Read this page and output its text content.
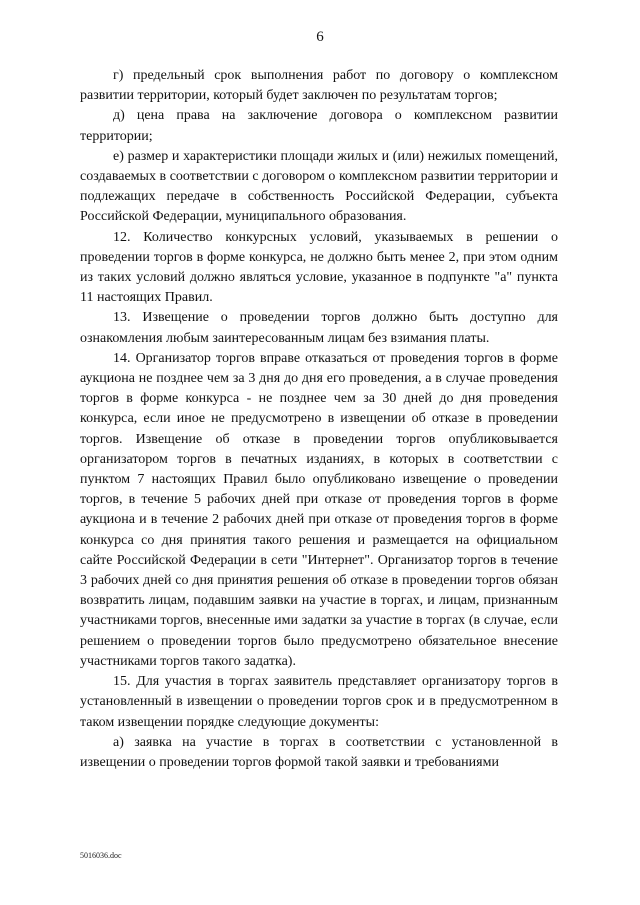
6

г) предельный срок выполнения работ по договору о комплексном развитии территории, который будет заключен по результатам торгов;

д) цена права на заключение договора о комплексном развитии территории;

е) размер и характеристики площади жилых и (или) нежилых помещений, создаваемых в соответствии с договором о комплексном развитии территории и подлежащих передаче в собственность Российской Федерации, субъекта Российской Федерации, муниципального образования.

12. Количество конкурсных условий, указываемых в решении о проведении торгов в форме конкурса, не должно быть менее 2, при этом одним из таких условий должно являться условие, указанное в подпункте "а" пункта 11 настоящих Правил.

13. Извещение о проведении торгов должно быть доступно для ознакомления любым заинтересованным лицам без взимания платы.

14. Организатор торгов вправе отказаться от проведения торгов в форме аукциона не позднее чем за 3 дня до дня его проведения, а в случае проведения торгов в форме конкурса - не позднее чем за 30 дней до дня проведения конкурса, если иное не предусмотрено в извещении об отказе в проведении торгов. Извещение об отказе в проведении торгов опубликовывается организатором торгов в печатных изданиях, в которых в соответствии с пунктом 7 настоящих Правил было опубликовано извещение о проведении торгов, в течение 5 рабочих дней при отказе от проведения торгов в форме аукциона и в течение 2 рабочих дней при отказе от проведения торгов в форме конкурса со дня принятия такого решения и размещается на официальном сайте Российской Федерации в сети "Интернет". Организатор торгов в течение 3 рабочих дней со дня принятия решения об отказе в проведении торгов обязан возвратить лицам, подавшим заявки на участие в торгах, и лицам, признанным участниками торгов, внесенные ими задатки за участие в торгах (в случае, если решением о проведении торгов было предусмотрено обязательное внесение участниками торгов такого задатка).

15. Для участия в торгах заявитель представляет организатору торгов в установленный в извещении о проведении торгов срок и в предусмотренном в таком извещении порядке следующие документы:

а) заявка на участие в торгах в соответствии с установленной в извещении о проведении торгов формой такой заявки и требованиями

5016036.doc
